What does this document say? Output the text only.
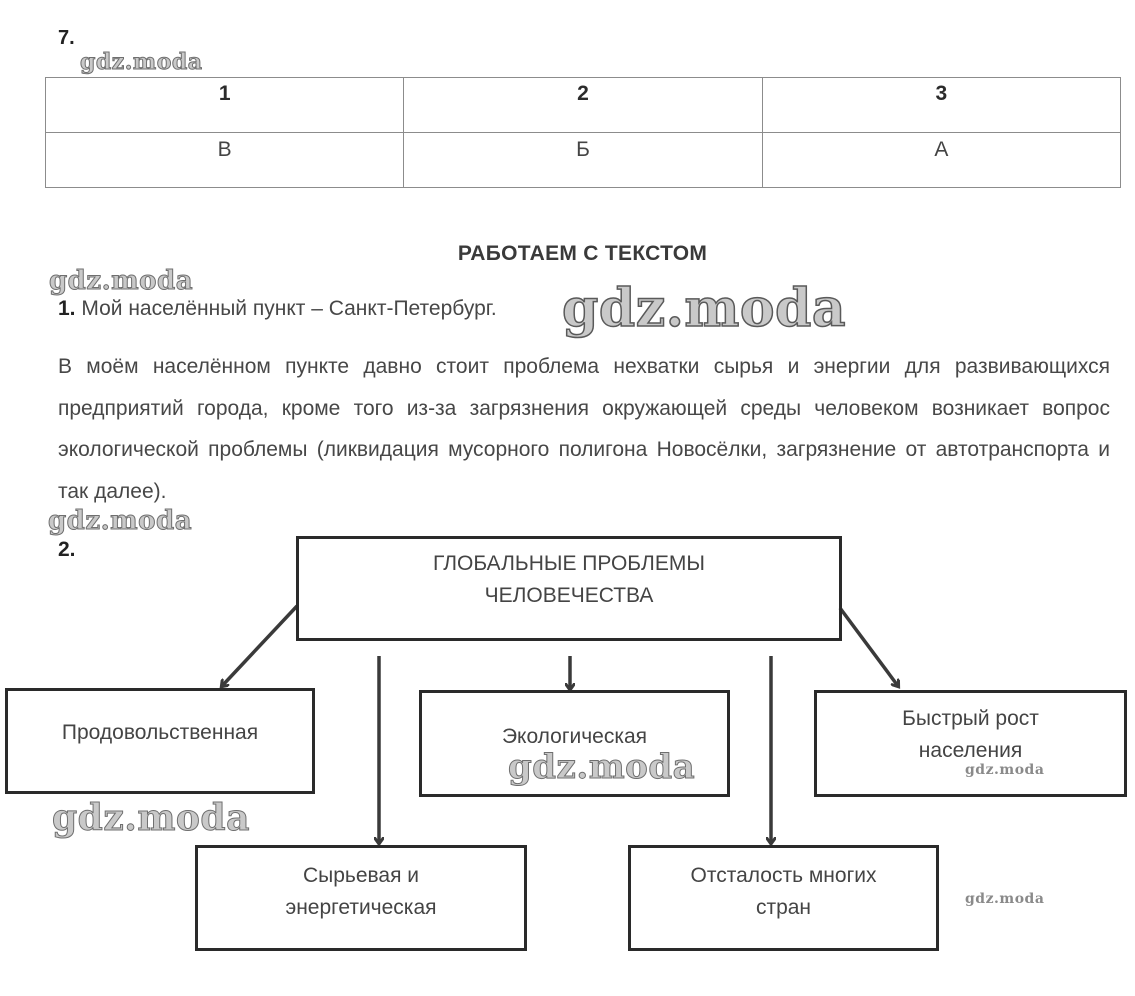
7.
gdz.moda
1	2	3
В	Б	А
РАБОТАЕМ С ТЕКСТОМ
gdz.moda
1. Мой населённый пункт – Санкт-Петербург. gdz.moda
В моём населённом пункте давно стоит проблема нехватки сырья и энергии для развивающихся предприятий города, кроме того из-за загрязнения окружающей среды человеком возникает вопрос экологической проблемы (ликвидация мусорного полигона Новосёлки, загрязнение от автотранспорта и так далее).
gdz.moda
2.
ГЛОБАЛЬНЫЕ ПРОБЛЕМЫ ЧЕЛОВЕЧЕСТВА
Продовольственная	Экологическая
Быстрый рост населения
Сырьевая и энергетическая
Отсталость многих стран
gdz.moda	gdz.moda
gdz.moda
gdz.moda
